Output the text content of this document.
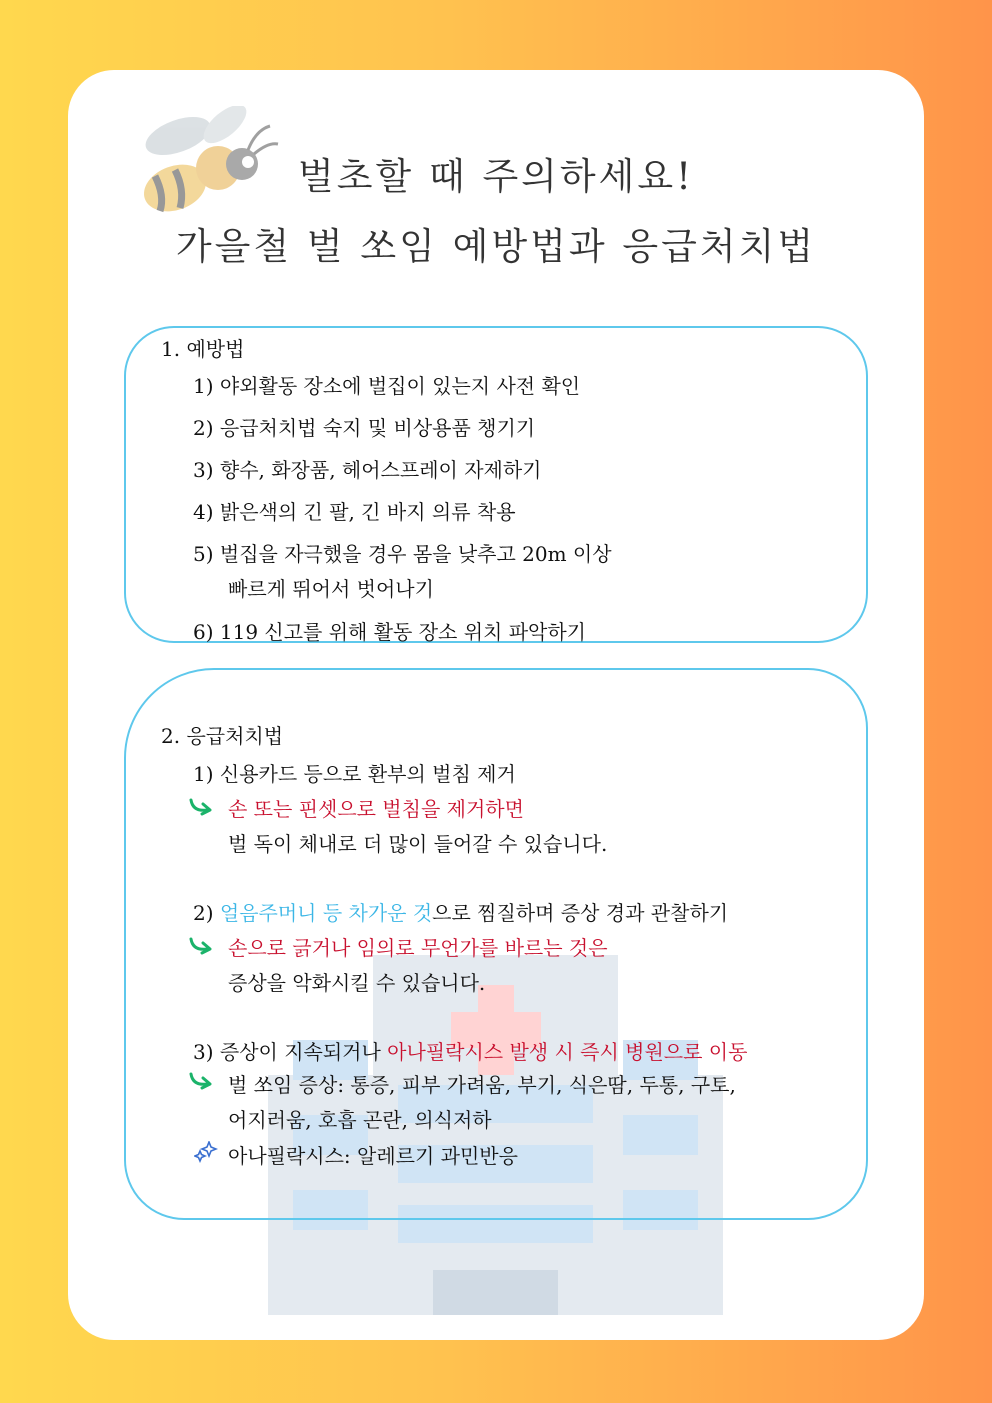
벌초할 때 주의하세요!
가을철 벌 쏘임 예방법과 응급처치법
1. 예방법
1) 야외활동 장소에 벌집이 있는지 사전 확인
2) 응급처치법 숙지 및 비상용품 챙기기
3) 향수, 화장품, 헤어스프레이 자제하기
4) 밝은색의 긴 팔, 긴 바지 의류 착용
5) 벌집을 자극했을 경우 몸을 낮추고 20m 이상
빠르게 뛰어서 벗어나기
6) 119 신고를 위해 활동 장소 위치 파악하기
2. 응급처치법
1) 신용카드 등으로 환부의 벌침 제거
손 또는 핀셋으로 벌침을 제거하면
벌 독이 체내로 더 많이 들어갈 수 있습니다.
2) 얼음주머니 등 차가운 것으로 찜질하며 증상 경과 관찰하기
손으로 긁거나 임의로 무언가를 바르는 것은
증상을 악화시킬 수 있습니다.
3) 증상이 지속되거나 아나필락시스 발생 시 즉시 병원으로 이동
벌 쏘임 증상: 통증, 피부 가려움, 부기, 식은땀, 두통, 구토,
어지러움, 호흡 곤란, 의식저하
아나필락시스: 알레르기 과민반응
